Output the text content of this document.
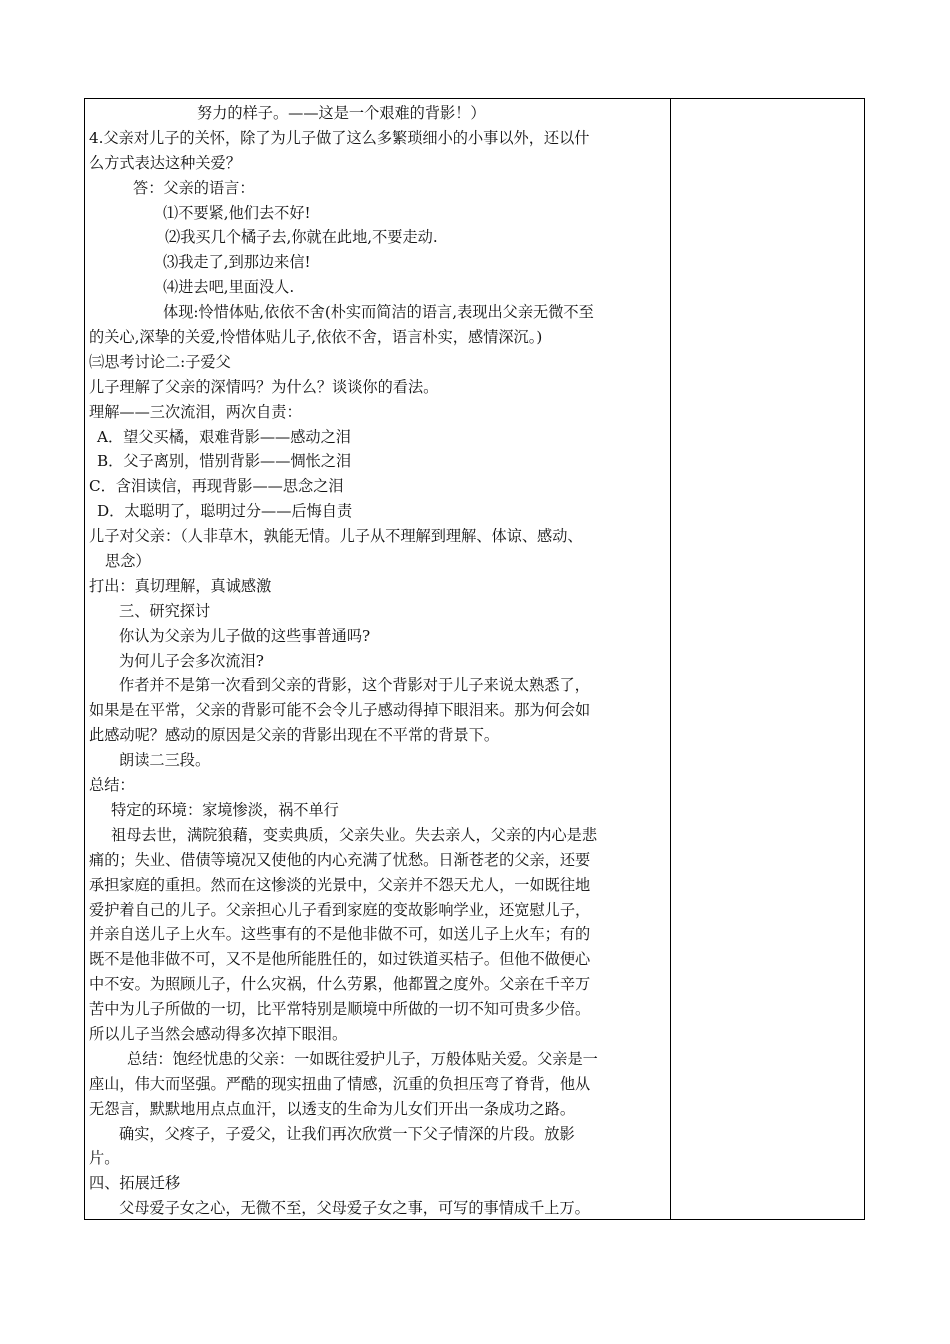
努力的样子。——这是一个艰难的背影！）
4.父亲对儿子的关怀，除了为儿子做了这么多繁琐细小的小事以外，还以什
么方式表达这种关爱？
答：父亲的语言：
⑴不要紧,他们去不好!
⑵我买几个橘子去,你就在此地,不要走动.
⑶我走了,到那边来信!
⑷进去吧,里面没人.
体现:怜惜体贴,依依不舍(朴实而简洁的语言,表现出父亲无微不至
的关心,深挚的关爱,怜惜体贴儿子,依依不舍，语言朴实，感情深沉。)
㈢思考讨论二:子爱父
儿子理解了父亲的深情吗？为什么？谈谈你的看法。
理解——三次流泪，两次自责：
A．望父买橘，艰难背影——感动之泪
B．父子离别，惜别背影——惆怅之泪
C．含泪读信，再现背影——思念之泪
D．太聪明了，聪明过分——后悔自责
儿子对父亲：（人非草木，孰能无情。儿子从不理解到理解、体谅、感动、
思念）
打出：真切理解，真诚感激
三、研究探讨
你认为父亲为儿子做的这些事普通吗?
为何儿子会多次流泪?
作者并不是第一次看到父亲的背影，这个背影对于儿子来说太熟悉了，
如果是在平常，父亲的背影可能不会令儿子感动得掉下眼泪来。那为何会如
此感动呢？感动的原因是父亲的背影出现在不平常的背景下。
朗读二三段。
总结：
特定的环境：家境惨淡，祸不单行
祖母去世，满院狼藉，变卖典质，父亲失业。失去亲人，父亲的内心是悲
痛的；失业、借债等境况又使他的内心充满了忧愁。日渐苍老的父亲，还要
承担家庭的重担。然而在这惨淡的光景中，父亲并不怨天尤人，一如既往地
爱护着自己的儿子。父亲担心儿子看到家庭的变故影响学业，还宽慰儿子，
并亲自送儿子上火车。这些事有的不是他非做不可，如送儿子上火车；有的
既不是他非做不可，又不是他所能胜任的，如过铁道买桔子。但他不做便心
中不安。为照顾儿子，什么灾祸，什么劳累，他都置之度外。父亲在千辛万
苦中为儿子所做的一切，比平常特别是顺境中所做的一切不知可贵多少倍。
所以儿子当然会感动得多次掉下眼泪。
总结：饱经忧患的父亲：一如既往爱护儿子，万般体贴关爱。父亲是一
座山，伟大而坚强。严酷的现实扭曲了情感，沉重的负担压弯了脊背，他从
无怨言，默默地用点点血汗，以透支的生命为儿女们开出一条成功之路。
确实，父疼子，子爱父，让我们再次欣赏一下父子情深的片段。放影
片。
四、拓展迁移
父母爱子女之心，无微不至，父母爱子女之事，可写的事情成千上万。
